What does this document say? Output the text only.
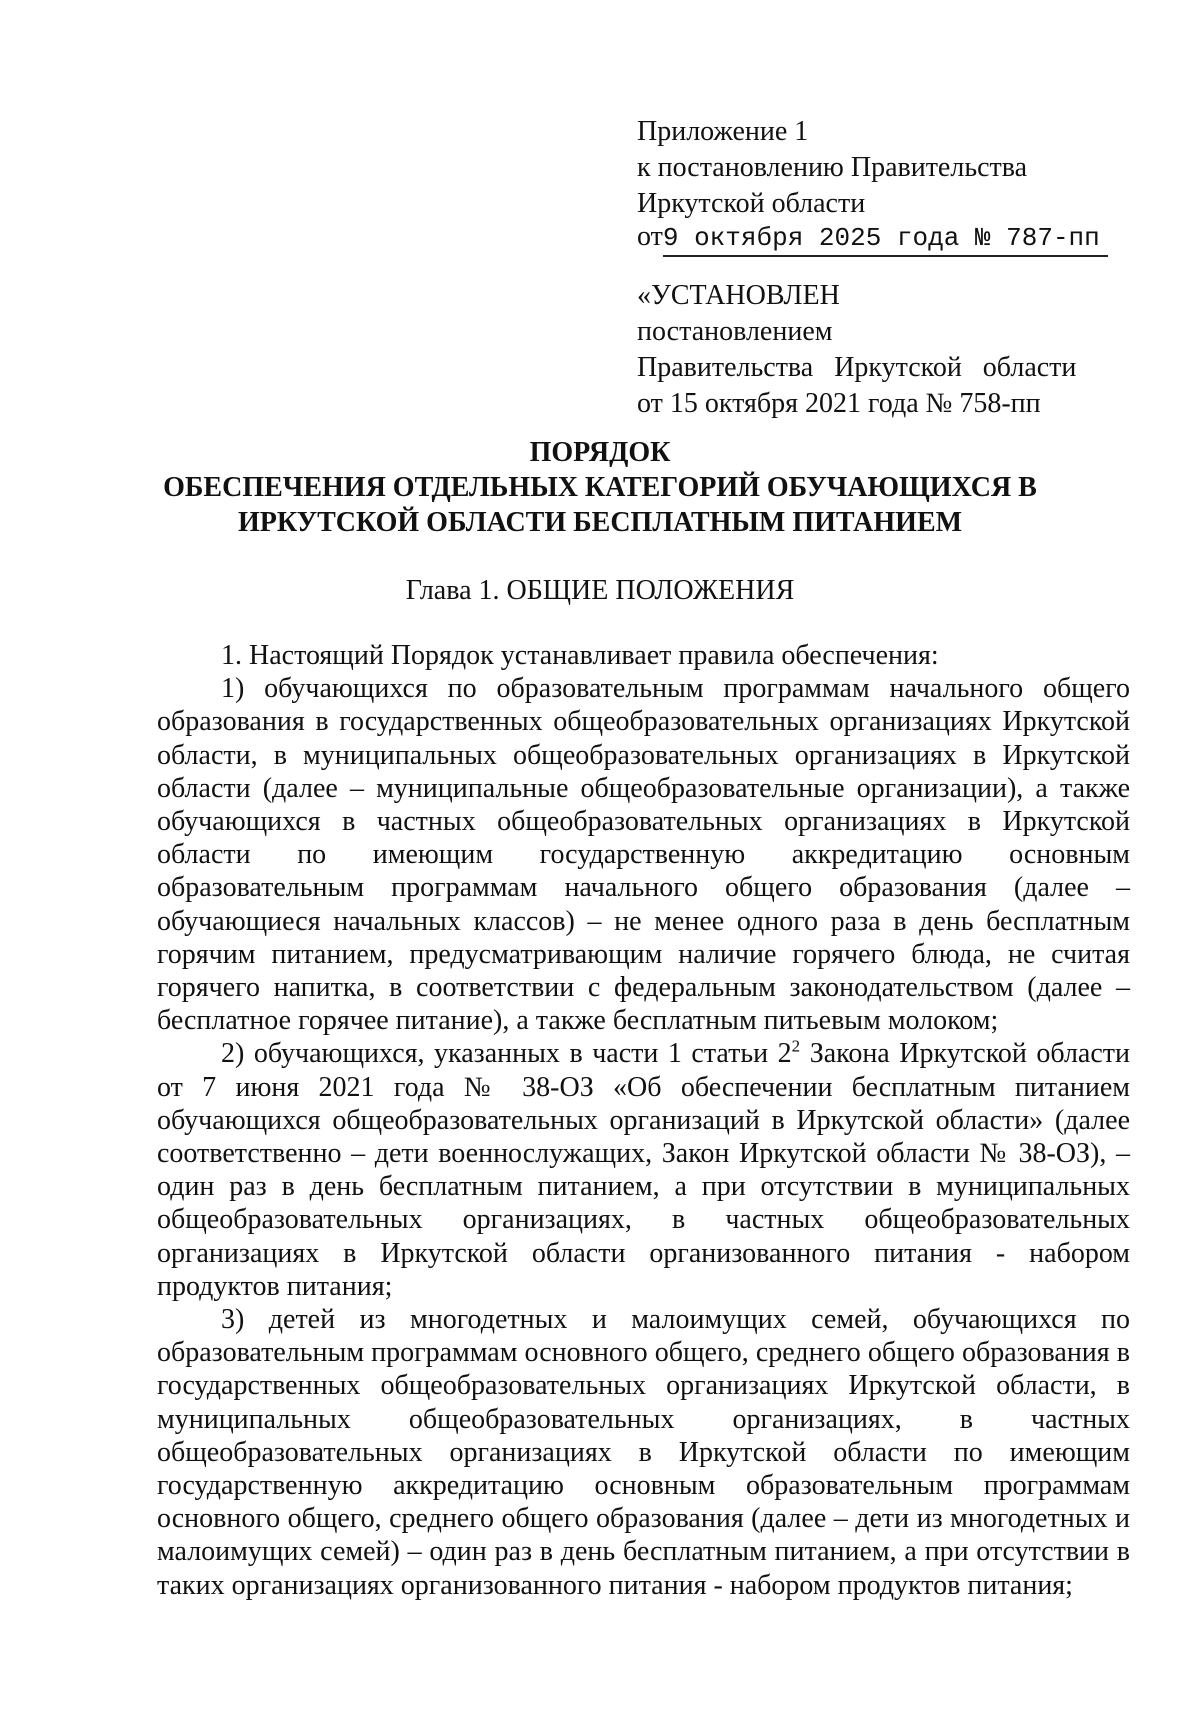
Приложение 1
к постановлению Правительства
Иркутской области
от9 октября 2025 года № 787-пп
«УСТАНОВЛЕН
постановлением
Правительства   Иркутской   области
от 15 октября 2021 года № 758-пп
ПОРЯДОК
ОБЕСПЕЧЕНИЯ ОТДЕЛЬНЫХ КАТЕГОРИЙ ОБУЧАЮЩИХСЯ В
ИРКУТСКОЙ ОБЛАСТИ БЕСПЛАТНЫМ ПИТАНИЕМ
Глава 1. ОБЩИЕ ПОЛОЖЕНИЯ

1. Настоящий Порядок устанавливает правила обеспечения:

1) обучающихся по образовательным программам начального общего образования в государственных общеобразовательных организациях Иркутской области, в муниципальных общеобразовательных организациях в Иркутской области (далее – муниципальные общеобразовательные организации), а также обучающихся в частных общеобразовательных организациях в Иркутской области по имеющим государственную аккредитацию основным образовательным программам начального общего образования (далее – обучающиеся начальных классов) – не менее одного раза в день бесплатным горячим питанием, предусматривающим наличие горячего блюда, не считая горячего напитка, в соответствии с федеральным законодательством (далее – бесплатное горячее питание), а также бесплатным питьевым молоком;

2) обучающихся, указанных в части 1 статьи $2^2$ Закона Иркутской области от 7 июня 2021 года № 38-ОЗ «Об обеспечении бесплатным питанием обучающихся общеобразовательных организаций в Иркутской области» (далее соответственно – дети военнослужащих, Закон Иркутской области № 38-ОЗ), – один раз в день бесплатным питанием, а при отсутствии в муниципальных общеобразовательных организациях, в частных общеобразовательных организациях в Иркутской области организованного питания - набором продуктов питания;

3) детей из многодетных и малоимущих семей, обучающихся по образовательным программам основного общего, среднего общего образования в государственных общеобразовательных организациях Иркутской области, в муниципальных общеобразовательных организациях, в частных общеобразовательных организациях в Иркутской области по имеющим государственную аккредитацию основным образовательным программам основного общего, среднего общего образования (далее – дети из многодетных и малоимущих семей) – один раз в день бесплатным питанием, а при отсутствии в таких организациях организованного питания - набором продуктов питания;
